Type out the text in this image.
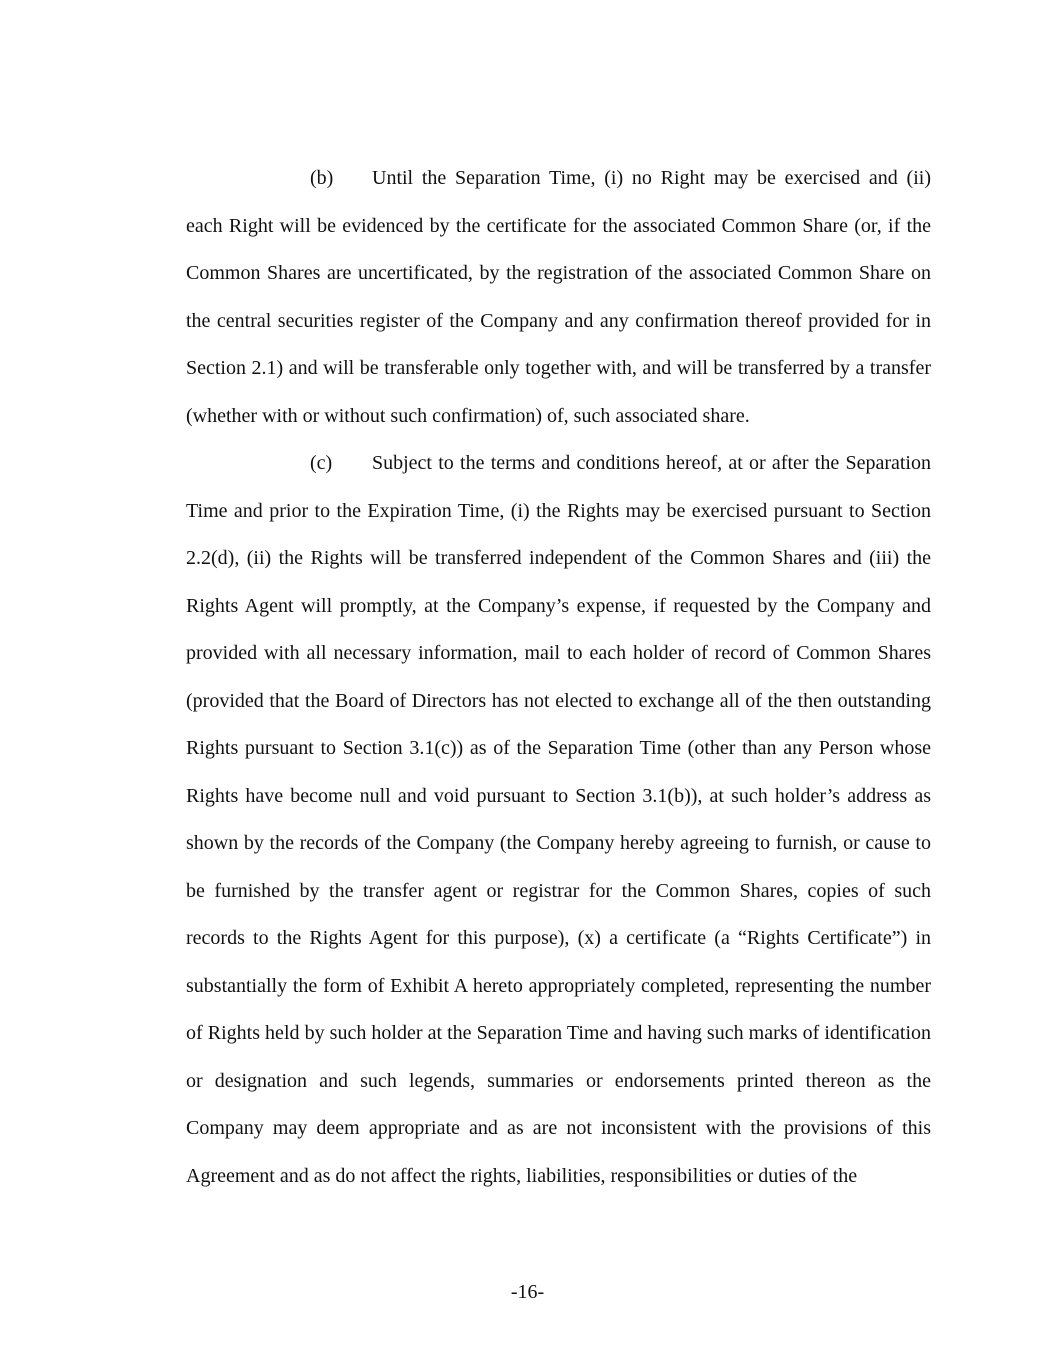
(b) Until the Separation Time, (i) no Right may be exercised and (ii) each Right will be evidenced by the certificate for the associated Common Share (or, if the Common Shares are uncertificated, by the registration of the associated Common Share on the central securities register of the Company and any confirmation thereof provided for in Section 2.1) and will be transferable only together with, and will be transferred by a transfer (whether with or without such confirmation) of, such associated share.

(c) Subject to the terms and conditions hereof, at or after the Separation Time and prior to the Expiration Time, (i) the Rights may be exercised pursuant to Section 2.2(d), (ii) the Rights will be transferred independent of the Common Shares and (iii) the Rights Agent will promptly, at the Company’s expense, if requested by the Company and provided with all necessary information, mail to each holder of record of Common Shares (provided that the Board of Directors has not elected to exchange all of the then outstanding Rights pursuant to Section 3.1(c)) as of the Separation Time (other than any Person whose Rights have become null and void pursuant to Section 3.1(b)), at such holder’s address as shown by the records of the Company (the Company hereby agreeing to furnish, or cause to be furnished by the transfer agent or registrar for the Common Shares, copies of such records to the Rights Agent for this purpose), (x) a certificate (a “Rights Certificate”) in substantially the form of Exhibit A hereto appropriately completed, representing the number of Rights held by such holder at the Separation Time and having such marks of identification or designation and such legends, summaries or endorsements printed thereon as the Company may deem appropriate and as are not inconsistent with the provisions of this Agreement and as do not affect the rights, liabilities, responsibilities or duties of the

-16-
